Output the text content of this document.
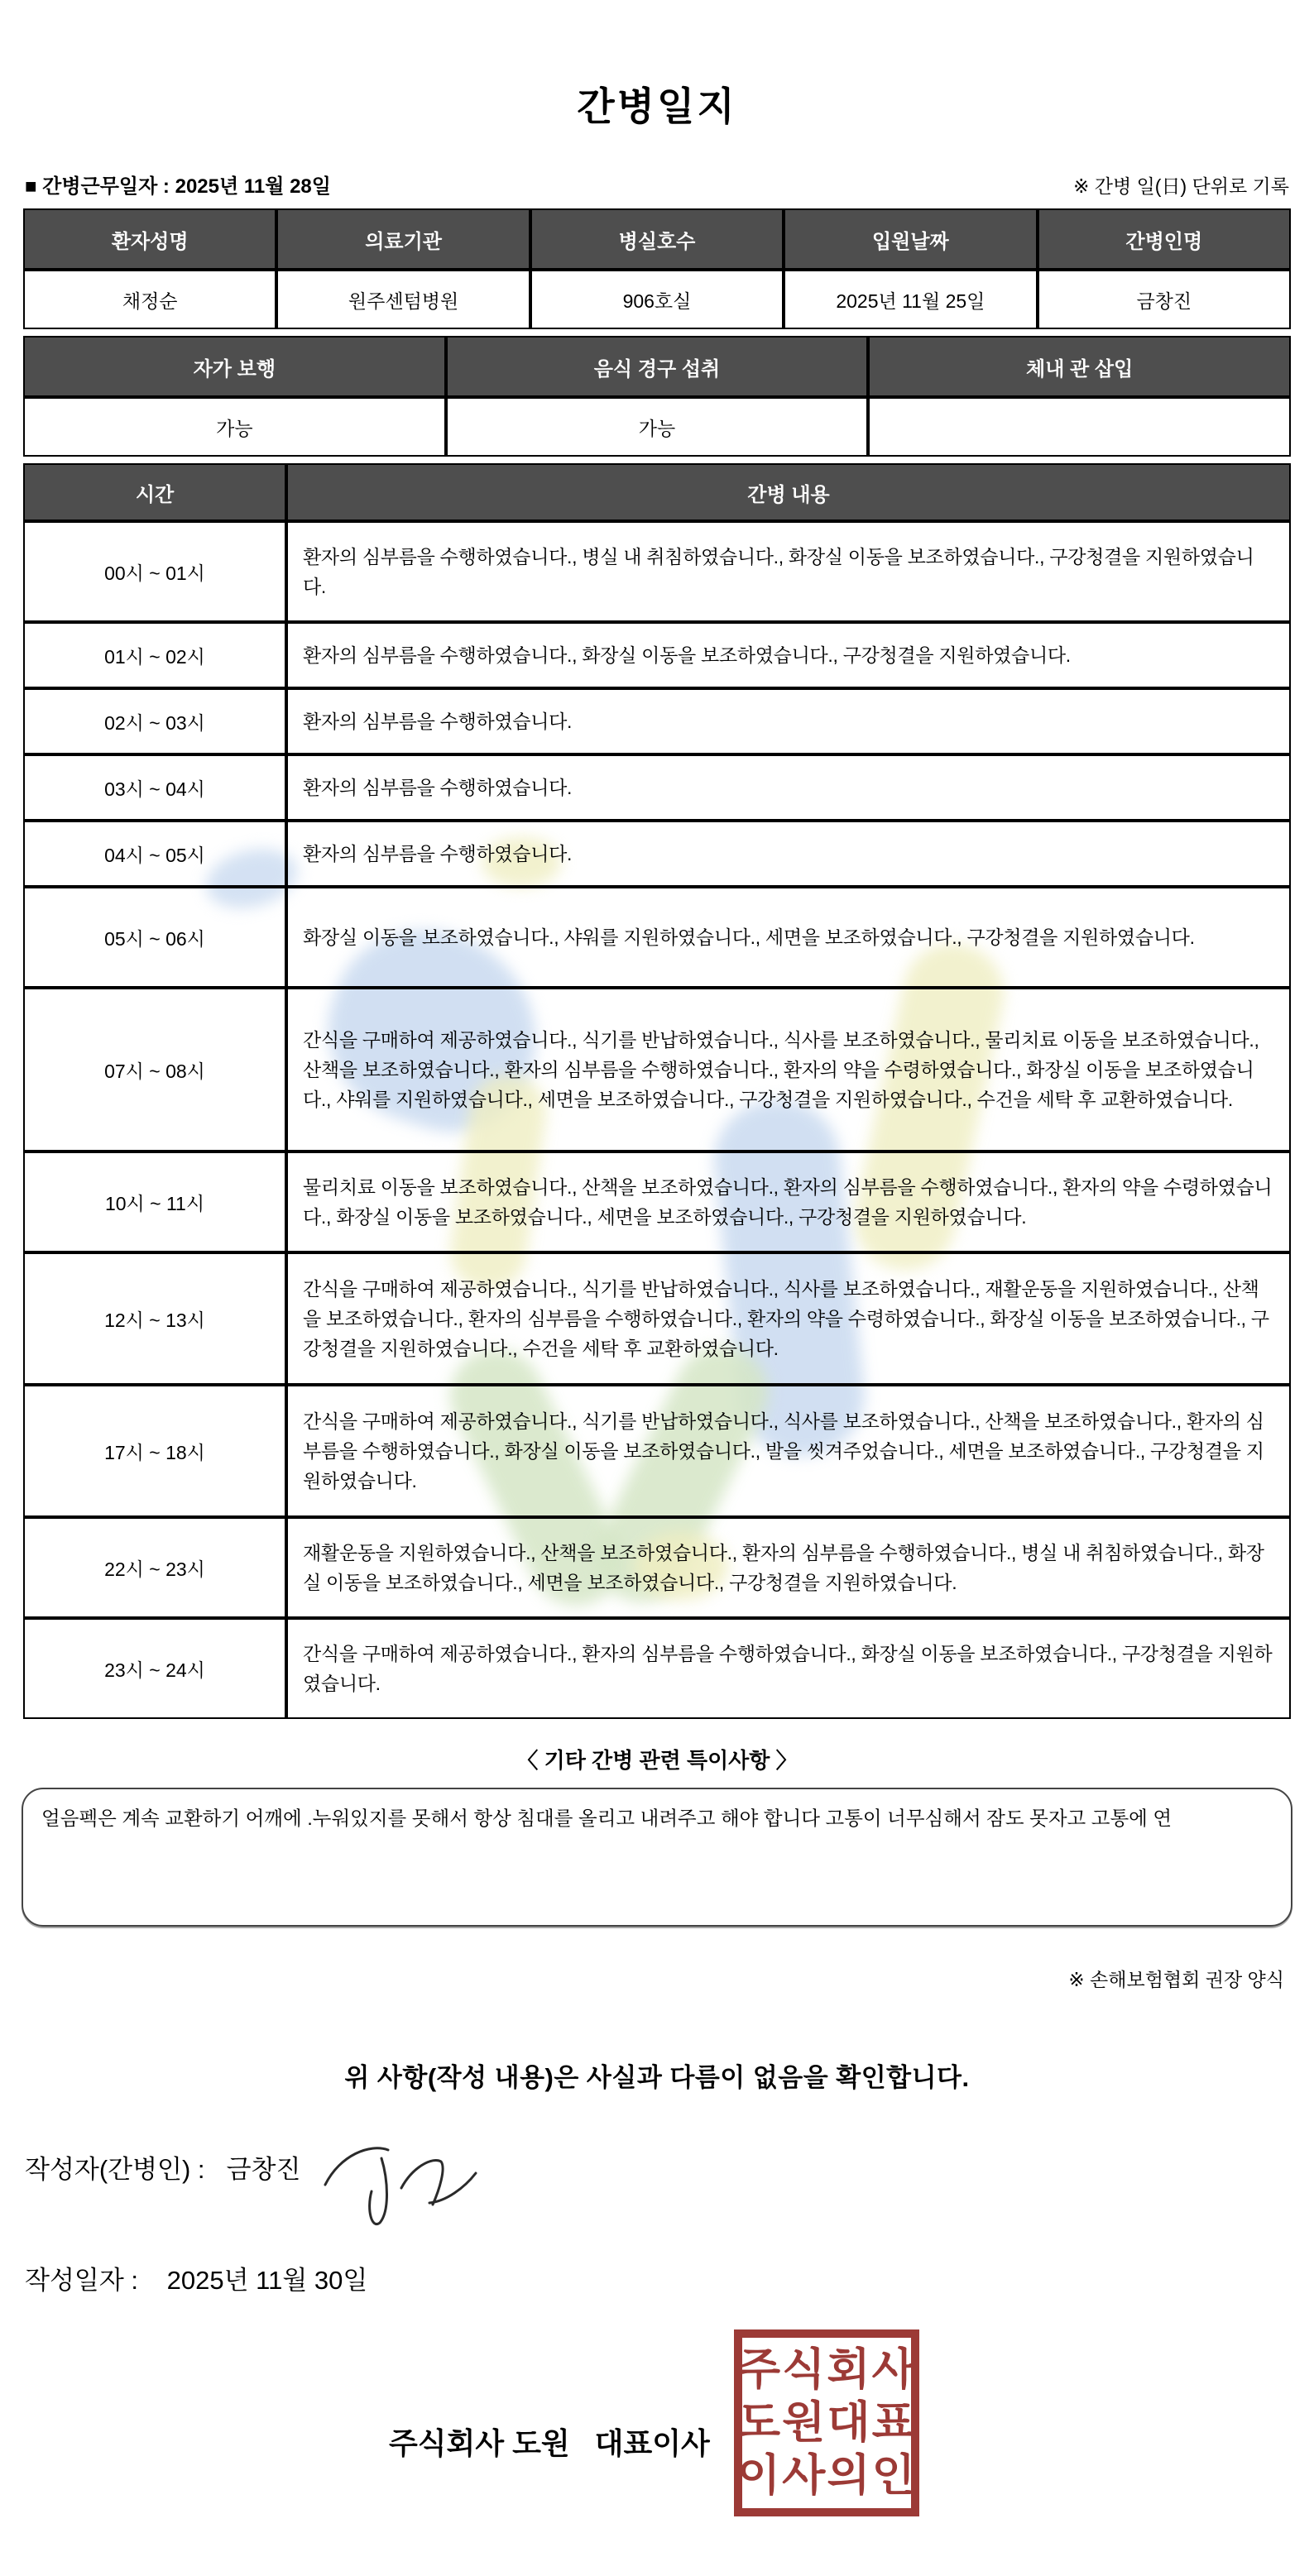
간병일지
■ 간병근무일자 : 2025년 11월 28일	※ 간병 일(日) 단위로 기록
환자성명	의료기관	병실호수	입원날짜	간병인명
채정순	원주센텀병원	906호실	2025년 11월 25일	금창진
자가 보행	음식 경구 섭취	체내 관 삽입
가능	가능	
시간	간병 내용
00시 ~ 01시	환자의 심부름을 수행하였습니다., 병실 내 취침하였습니다., 화장실 이동을 보조하였습니다., 구강청결을 지원하였습니다.
01시 ~ 02시	환자의 심부름을 수행하였습니다., 화장실 이동을 보조하였습니다., 구강청결을 지원하였습니다.
02시 ~ 03시	환자의 심부름을 수행하였습니다.
03시 ~ 04시	환자의 심부름을 수행하였습니다.
04시 ~ 05시	환자의 심부름을 수행하였습니다.
05시 ~ 06시	화장실 이동을 보조하였습니다., 샤워를 지원하였습니다., 세면을 보조하였습니다., 구강청결을 지원하였습니다.
07시 ~ 08시	간식을 구매하여 제공하였습니다., 식기를 반납하였습니다., 식사를 보조하였습니다., 물리치료 이동을 보조하였습니다., 산책을 보조하였습니다., 환자의 심부름을 수행하였습니다., 환자의 약을 수령하였습니다., 화장실 이동을 보조하였습니다., 샤워를 지원하였습니다., 세면을 보조하였습니다., 구강청결을 지원하였습니다., 수건을 세탁 후 교환하였습니다.
10시 ~ 11시	물리치료 이동을 보조하였습니다., 산책을 보조하였습니다., 환자의 심부름을 수행하였습니다., 환자의 약을 수령하였습니다., 화장실 이동을 보조하였습니다., 세면을 보조하였습니다., 구강청결을 지원하였습니다.
12시 ~ 13시	간식을 구매하여 제공하였습니다., 식기를 반납하였습니다., 식사를 보조하였습니다., 재활운동을 지원하였습니다., 산책을 보조하였습니다., 환자의 심부름을 수행하였습니다., 환자의 약을 수령하였습니다., 화장실 이동을 보조하였습니다., 구강청결을 지원하였습니다., 수건을 세탁 후 교환하였습니다.
17시 ~ 18시	간식을 구매하여 제공하였습니다., 식기를 반납하였습니다., 식사를 보조하였습니다., 산책을 보조하였습니다., 환자의 심부름을 수행하였습니다., 화장실 이동을 보조하였습니다., 발을 씻겨주었습니다., 세면을 보조하였습니다., 구강청결을 지원하였습니다.
22시 ~ 23시	재활운동을 지원하였습니다., 산책을 보조하였습니다., 환자의 심부름을 수행하였습니다., 병실 내 취침하였습니다., 화장실 이동을 보조하였습니다., 세면을 보조하였습니다., 구강청결을 지원하였습니다.
23시 ~ 24시	간식을 구매하여 제공하였습니다., 환자의 심부름을 수행하였습니다., 화장실 이동을 보조하였습니다., 구강청결을 지원하였습니다.
〈 기타 간병 관련 특이사항 〉
얼음펙은 계속 교환하기 어깨에 .누워있지를 못해서 항상 침대를 올리고 내려주고 해야 합니다 고통이 너무심해서 잠도 못자고 고통에 연
※ 손해보험협회 권장 양식
위 사항(작성 내용)은 사실과 다름이 없음을 확인합니다.
작성자(간병인) : 금창진
작성일자 : 2025년 11월 30일
주식회사 도원   대표이사
주식회사
도원대표
이사의인
